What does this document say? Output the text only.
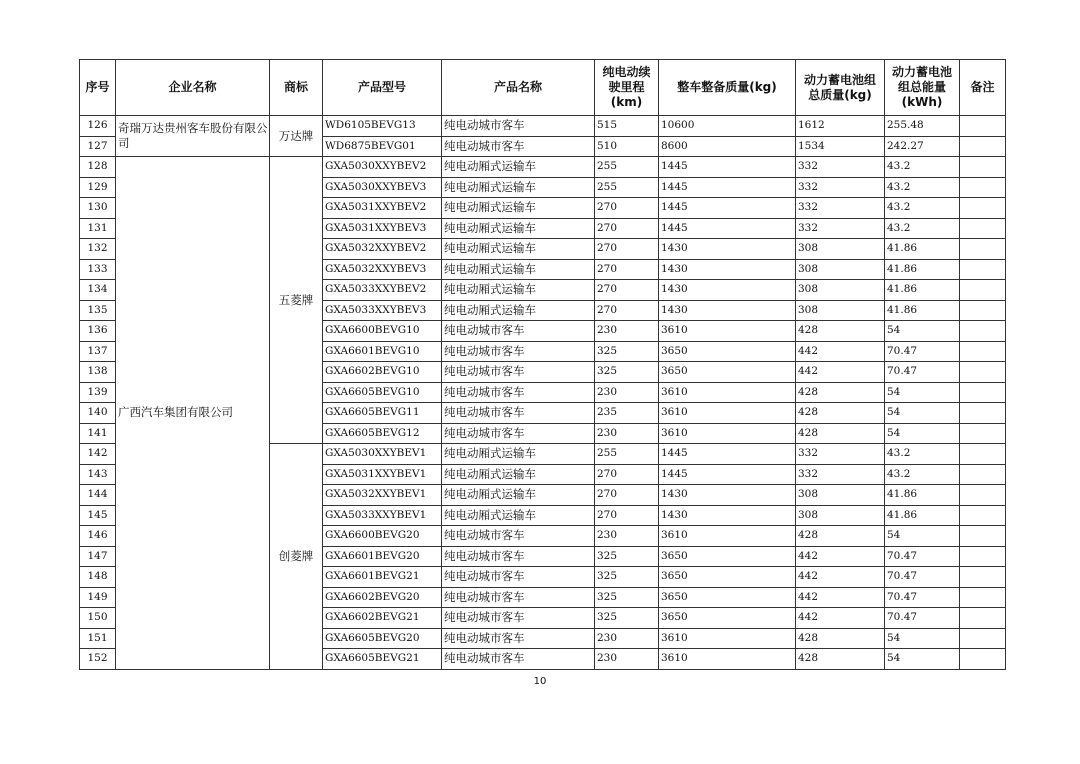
序号	企业名称	商标	产品型号	产品名称	纯电动续
驶里程
(km)	整车整备质量(kg)	动力蓄电池组
总质量(kg)	动力蓄电池
组总能量
(kWh)	备注
126	奇瑞万达贵州客车股份有限公司	万达牌	WD6105BEVG13	纯电动城市客车	515	10600	1612	255.48	
127			WD6875BEVG01	纯电动城市客车	510	8600	1534	242.27	
128	广西汽车集团有限公司	五菱牌	GXA5030XXYBEV2	纯电动厢式运输车	255	1445	332	43.2	
129			GXA5030XXYBEV3	纯电动厢式运输车	255	1445	332	43.2	
130			GXA5031XXYBEV2	纯电动厢式运输车	270	1445	332	43.2	
131			GXA5031XXYBEV3	纯电动厢式运输车	270	1445	332	43.2	
132			GXA5032XXYBEV2	纯电动厢式运输车	270	1430	308	41.86	
133			GXA5032XXYBEV3	纯电动厢式运输车	270	1430	308	41.86	
134			GXA5033XXYBEV2	纯电动厢式运输车	270	1430	308	41.86	
135			GXA5033XXYBEV3	纯电动厢式运输车	270	1430	308	41.86	
136			GXA6600BEVG10	纯电动城市客车	230	3610	428	54	
137			GXA6601BEVG10	纯电动城市客车	325	3650	442	70.47	
138			GXA6602BEVG10	纯电动城市客车	325	3650	442	70.47	
139			GXA6605BEVG10	纯电动城市客车	230	3610	428	54	
140			GXA6605BEVG11	纯电动城市客车	235	3610	428	54	
141			GXA6605BEVG12	纯电动城市客车	230	3610	428	54	
142		创菱牌	GXA5030XXYBEV1	纯电动厢式运输车	255	1445	332	43.2	
143			GXA5031XXYBEV1	纯电动厢式运输车	270	1445	332	43.2	
144			GXA5032XXYBEV1	纯电动厢式运输车	270	1430	308	41.86	
145			GXA5033XXYBEV1	纯电动厢式运输车	270	1430	308	41.86	
146			GXA6600BEVG20	纯电动城市客车	230	3610	428	54	
147			GXA6601BEVG20	纯电动城市客车	325	3650	442	70.47	
148			GXA6601BEVG21	纯电动城市客车	325	3650	442	70.47	
149			GXA6602BEVG20	纯电动城市客车	325	3650	442	70.47	
150			GXA6602BEVG21	纯电动城市客车	325	3650	442	70.47	
151			GXA6605BEVG20	纯电动城市客车	230	3610	428	54	
152			GXA6605BEVG21	纯电动城市客车	230	3610	428	54	
10
